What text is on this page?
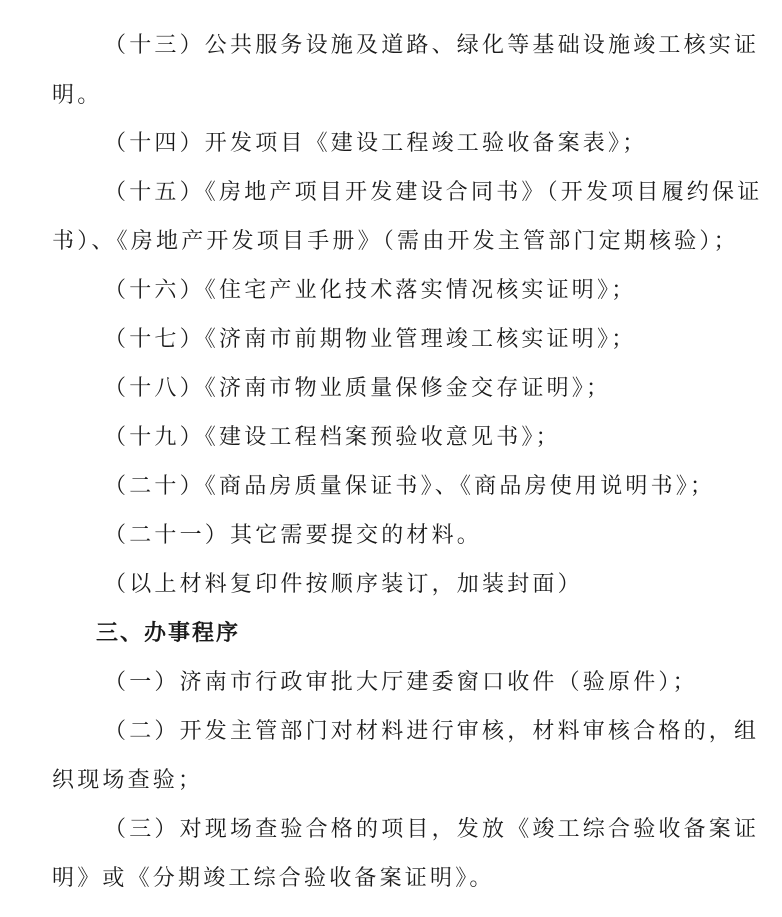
（十三）公共服务设施及道路、绿化等基础设施竣工核实证
明。
（十四）开发项目《建设工程竣工验收备案表》；
（十五）《房地产项目开发建设合同书》（开发项目履约保证
书）、《房地产开发项目手册》（需由开发主管部门定期核验）；
（十六）《住宅产业化技术落实情况核实证明》；
（十七）《济南市前期物业管理竣工核实证明》；
（十八）《济南市物业质量保修金交存证明》；
（十九）《建设工程档案预验收意见书》；
（二十）《商品房质量保证书》、《商品房使用说明书》；
（二十一）其它需要提交的材料。
（以上材料复印件按顺序装订，加装封面）
三、办事程序
（一）济南市行政审批大厅建委窗口收件（验原件）；
（二）开发主管部门对材料进行审核，材料审核合格的，组
织现场查验；
（三）对现场查验合格的项目，发放《竣工综合验收备案证
明》或《分期竣工综合验收备案证明》。
